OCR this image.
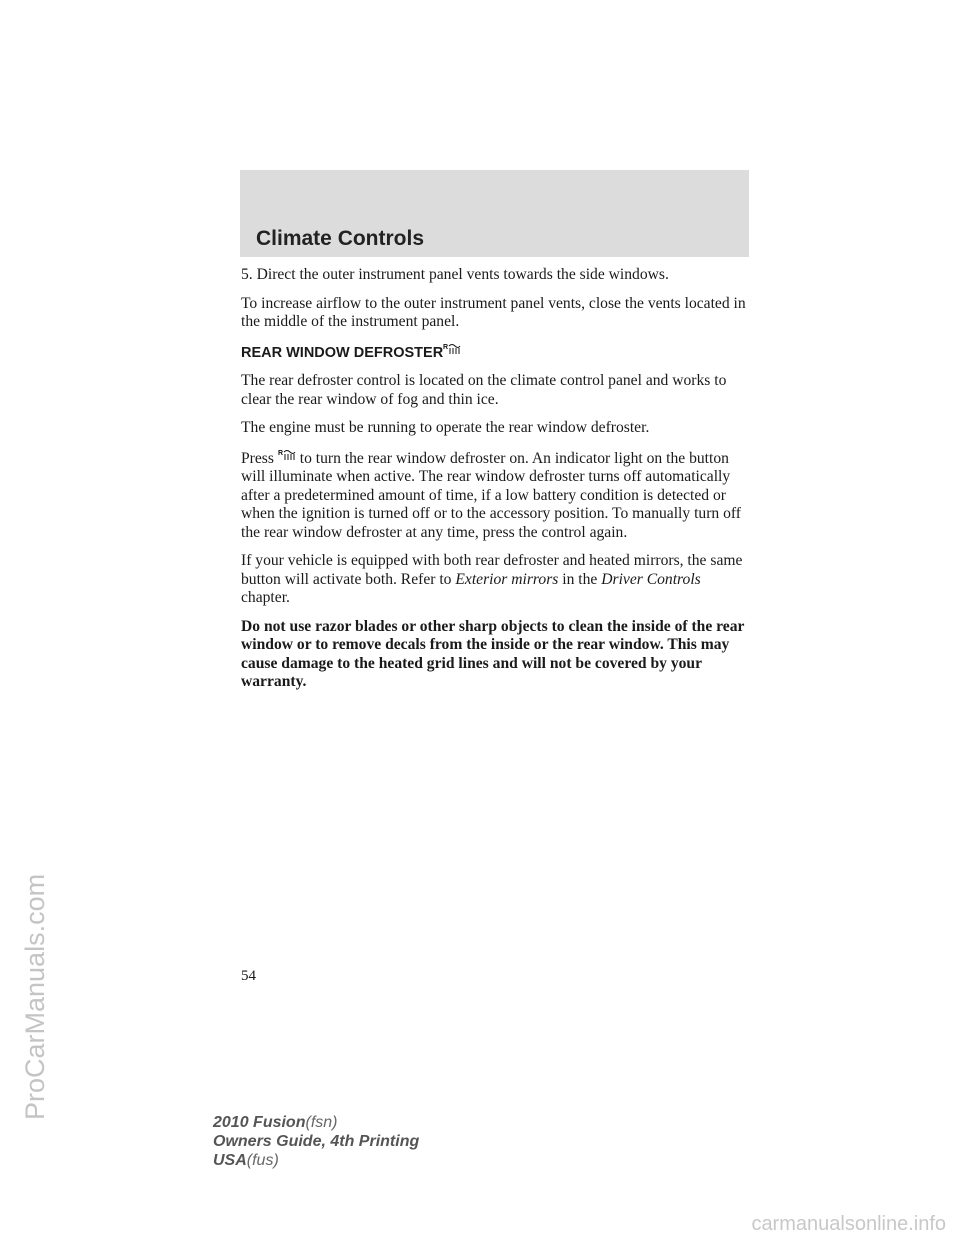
Climate Controls

5. Direct the outer instrument panel vents towards the side windows.

To increase airflow to the outer instrument panel vents, close the vents located in the middle of the instrument panel.

REAR WINDOW DEFROSTER R

The rear defroster control is located on the climate control panel and works to clear the rear window of fog and thin ice.

The engine must be running to operate the rear window defroster.

Press R to turn the rear window defroster on. An indicator light on the button will illuminate when active. The rear window defroster turns off automatically after a predetermined amount of time, if a low battery condition is detected or when the ignition is turned off or to the accessory position. To manually turn off the rear window defroster at any time, press the control again.

If your vehicle is equipped with both rear defroster and heated mirrors, the same button will activate both. Refer to Exterior mirrors in the Driver Controls chapter.

Do not use razor blades or other sharp objects to clean the inside of the rear window or to remove decals from the inside or the rear window. This may cause damage to the heated grid lines and will not be covered by your warranty.

54
2010 Fusion(fsn)
Owners Guide, 4th Printing
USA(fus)
ProCarManuals.com
carmanualsonline.info
